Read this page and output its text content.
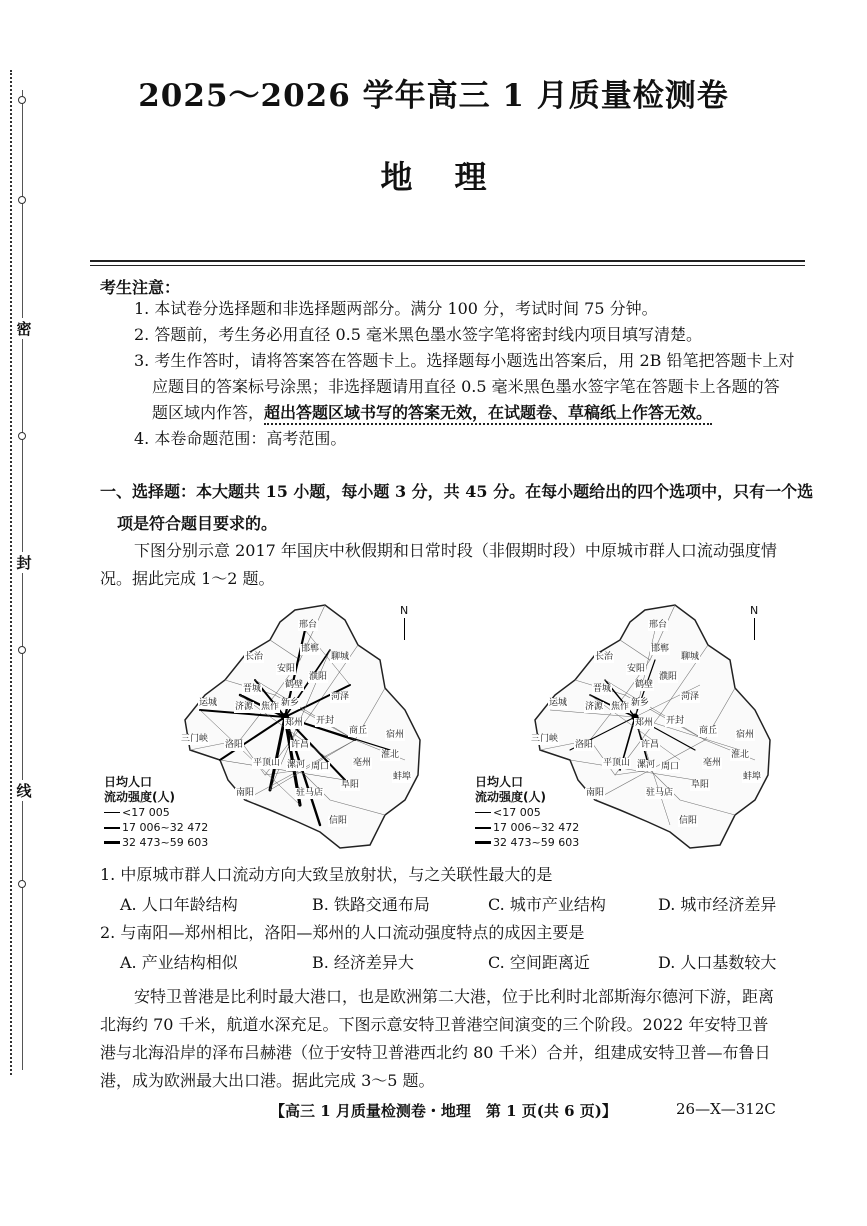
密
封
线
2025～2026 学年高三 1 月质量检测卷
地理
考生注意：
1. 本试卷分选择题和非选择题两部分。满分 100 分，考试时间 75 分钟。
2. 答题前，考生务必用直径 0.5 毫米黑色墨水签字笔将密封线内项目填写清楚。
3. 考生作答时，请将答案答在答题卡上。选择题每小题选出答案后，用 2B 铅笔把答题卡上对
应题目的答案标号涂黑；非选择题请用直径 0.5 毫米黑色墨水签字笔在答题卡上各题的答
题区域内作答，超出答题区域书写的答案无效，在试题卷、草稿纸上作答无效。
4. 本卷命题范围：高考范围。
一、选择题：本大题共 15 小题，每小题 3 分，共 45 分。在每小题给出的四个选项中，只有一个选
项是符合题目要求的。
下图分别示意 2017 年国庆中秋假期和日常时段（非假期时段）中原城市群人口流动强度情
况。据此完成 1～2 题。
邢台
邯郸
聊城
长治
晋城
菏泽
运城 济源 焦作 新乡
鹤壁
安阳
濮阳
开封
商丘
三门峡
洛阳
郑州
许昌
宿州
平顶山	周口	亳州
漯河
淮北
南阳	驻马店
阜阳
蚌埠
信阳
N
日均人口
流动强度(人)
<17 005
17 006~32 472
32 473~59 603
邢台
邯郸
聊城
长治
晋城
菏泽
运城 济源 焦作 新乡
鹤壁
安阳
濮阳
开封
商丘
三门峡
洛阳
郑州
许昌
宿州
平顶山	周口	亳州
漯河
淮北
南阳	驻马店
阜阳
蚌埠
信阳
N
日均人口
流动强度(人)
<17 005
17 006~32 472
32 473~59 603
1. 中原城市群人口流动方向大致呈放射状，与之关联性最大的是
A. 人口年龄结构	B. 铁路交通布局	C. 城市产业结构	D. 城市经济差异
2. 与南阳—郑州相比，洛阳—郑州的人口流动强度特点的成因主要是
A. 产业结构相似	B. 经济差异大	C. 空间距离近	D. 人口基数较大
安特卫普港是比利时最大港口，也是欧洲第二大港，位于比利时北部斯海尔德河下游，距离
北海约 70 千米，航道水深充足。下图示意安特卫普港空间演变的三个阶段。2022 年安特卫普
港与北海沿岸的泽布吕赫港（位于安特卫普港西北约 80 千米）合并，组建成安特卫普—布鲁日
港，成为欧洲最大出口港。据此完成 3～5 题。
【高三 1 月质量检测卷・地理　第 1 页(共 6 页)】	26—X—312C
